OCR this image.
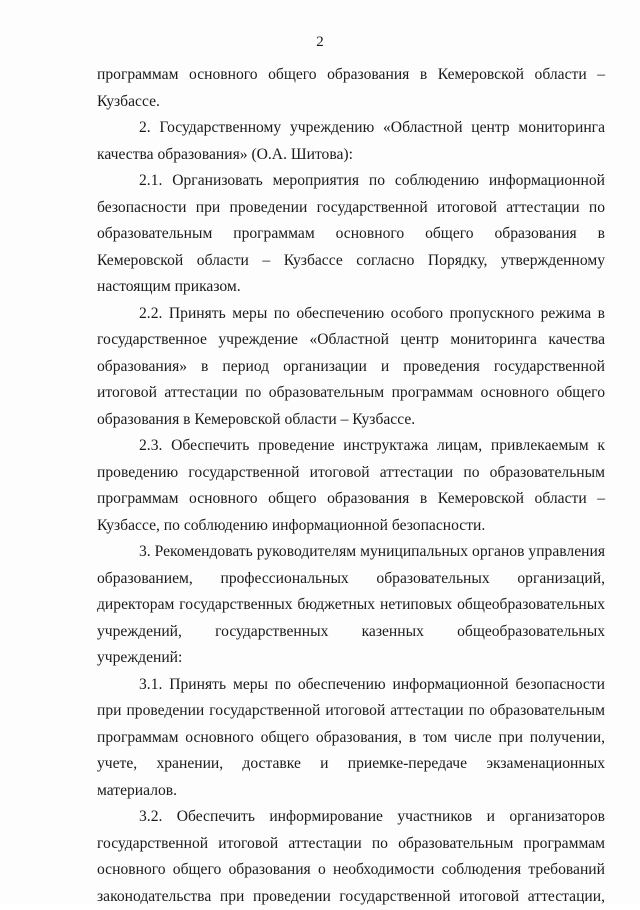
2

программам основного общего образования в Кемеровской области – Кузбассе.

2. Государственному учреждению «Областной центр мониторинга качества образования» (О.А. Шитова):

2.1. Организовать мероприятия по соблюдению информационной безопасности при проведении государственной итоговой аттестации по образовательным программам основного общего образования в Кемеровской области – Кузбассе согласно Порядку, утвержденному настоящим приказом.

2.2. Принять меры по обеспечению особого пропускного режима в государственное учреждение «Областной центр мониторинга качества образования» в период организации и проведения государственной итоговой аттестации по образовательным программам основного общего образования в Кемеровской области – Кузбассе.

2.3. Обеспечить проведение инструктажа лицам, привлекаемым к проведению государственной итоговой аттестации по образовательным программам основного общего образования в Кемеровской области – Кузбассе, по соблюдению информационной безопасности.

3. Рекомендовать руководителям муниципальных органов управления образованием, профессиональных образовательных организаций, директорам государственных бюджетных нетиповых общеобразовательных учреждений, государственных казенных общеобразовательных учреждений:

3.1. Принять меры по обеспечению информационной безопасности при проведении государственной итоговой аттестации по образовательным программам основного общего образования, в том числе при получении, учете, хранении, доставке и приемке-передаче экзаменационных материалов.

3.2. Обеспечить информирование участников и организаторов государственной итоговой аттестации по образовательным программам основного общего образования о необходимости соблюдения требований законодательства при проведении государственной итоговой аттестации,
